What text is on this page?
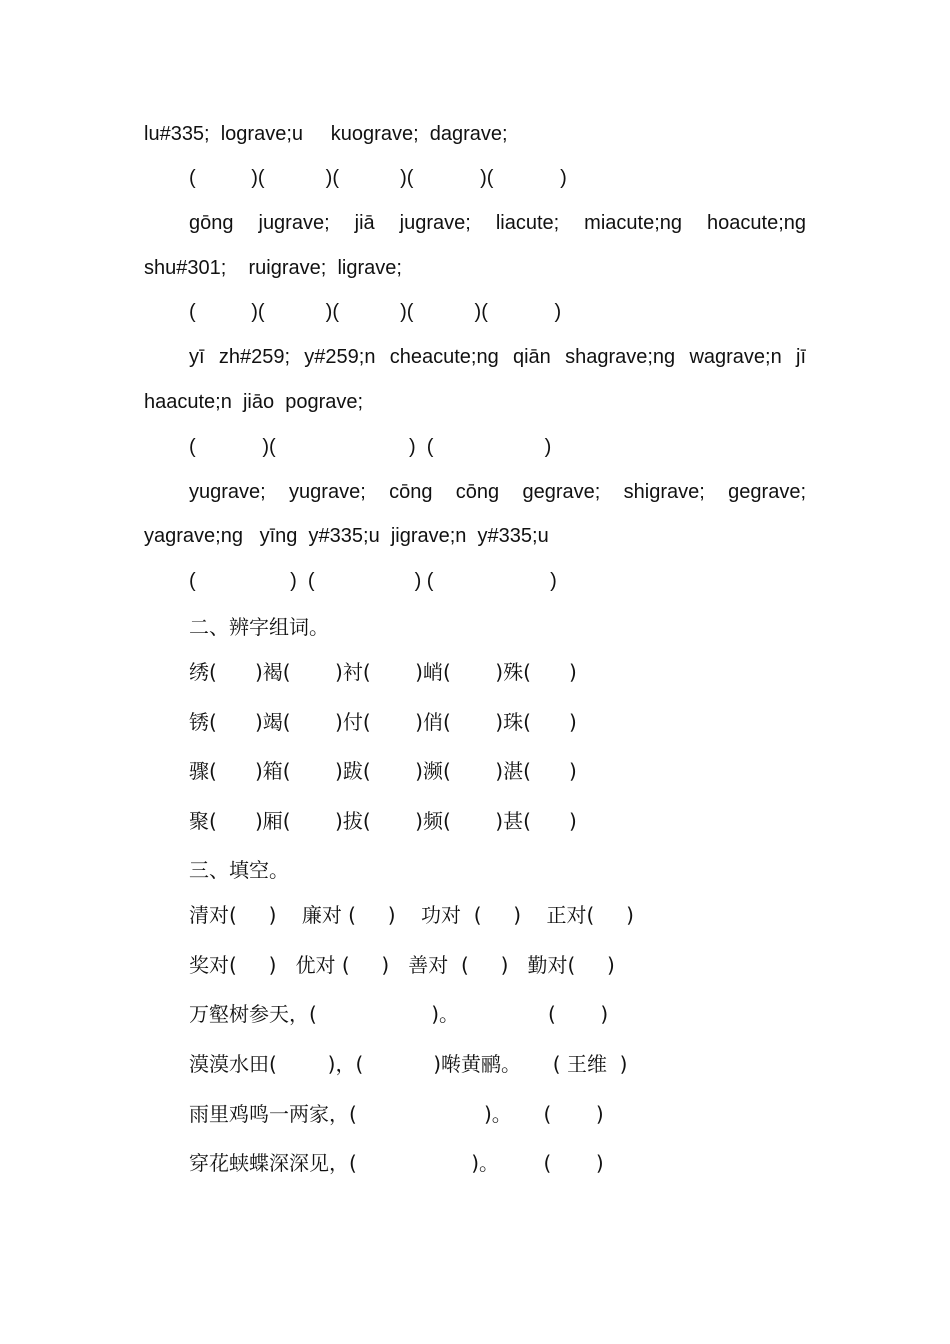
lu#335;  lograve;u     kuograve;  dagrave;
(          )(           )(           )(            )(            )
gōng jugrave; jiā jugrave; liacute; miacute;ng hoacute;ng
shu#301;    ruigrave;  ligrave;
(          )(           )(           )(           )(            )
yī zh#259; y#259;n cheacute;ng qiān shagrave;ng wagrave;n jī
haacute;n  jiāo  pograve;
(            )(                        )  (                    )
yugrave; yugrave; cōng cōng gegrave; shigrave; gegrave;
yagrave;ng   yīng  y#335;u  jigrave;n  y#335;u
(                 )  (                  ) (                     )
二、辨字组词。
绣(      )褐(       )衬(       )峭(       )殊(      )
锈(      )竭(       )付(       )俏(       )珠(      )
骤(      )箱(       )跋(       )濒(       )湛(      )
聚(      )厢(       )拔(       )频(       )甚(      )
三、填空。
清对(     )    廉对 (     )    功对  (     )    正对(     )
奖对(     )   优对 (     )   善对  (     )   勤对(     )
万壑树参天，(                  )。              (       )
漠漠水田(        )，(           )啭黄鹂。     ( 王维  )
雨里鸡鸣一两家，(                    )。     (       )
穿花蛱蝶深深见，(                  )。       (       )
